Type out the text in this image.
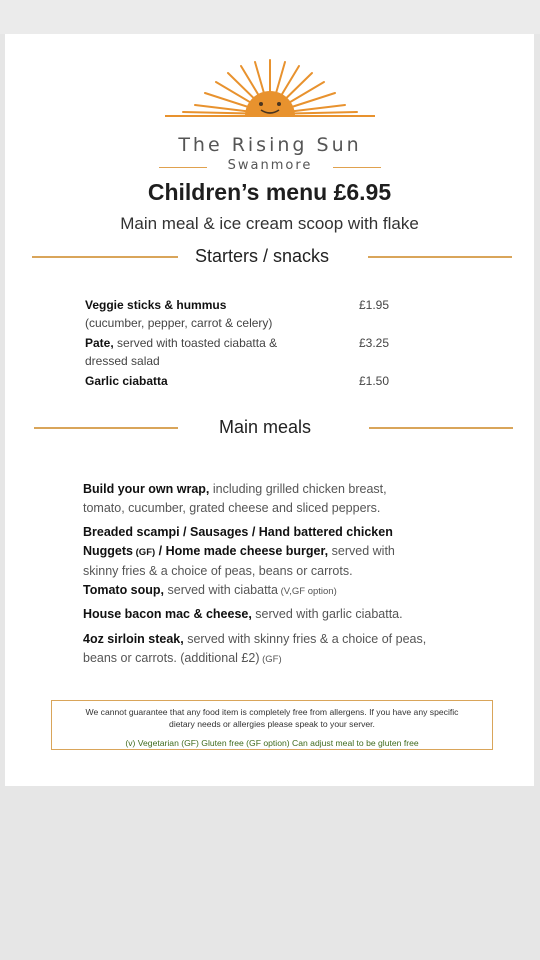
The Rising Sun
Swanmore
Children’s menu £6.95
Main meal & ice cream scoop with flake
Starters / snacks
Veggie sticks & hummus
(cucumber, pepper, carrot & celery)
£1.95
Pate, served with toasted ciabatta &
dressed salad
£3.25
Garlic ciabatta	£1.50
Main meals
Build your own wrap, including grilled chicken breast,
tomato, cucumber, grated cheese and sliced peppers.
Breaded scampi / Sausages / Hand battered chicken
Nuggets (GF) / Home made cheese burger, served with
skinny fries & a choice of peas, beans or carrots.
Tomato soup, served with ciabatta (V,GF option)
House bacon mac & cheese, served with garlic ciabatta.
4oz sirloin steak, served with skinny fries & a choice of peas,
beans or carrots. (additional £2) (GF)
We cannot guarantee that any food item is completely free from allergens. If you have any specific
dietary needs or allergies please speak to your server.
(v) Vegetarian (GF) Gluten free (GF option) Can adjust meal to be gluten free
